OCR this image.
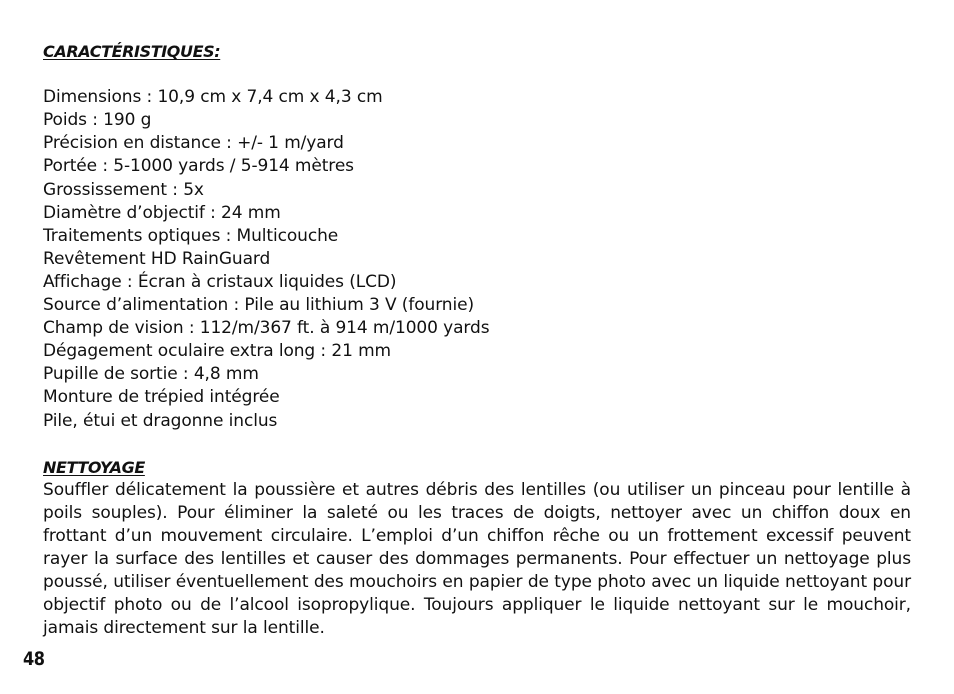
CARACTÉRISTIQUES:
Dimensions : 10,9 cm x 7,4 cm x 4,3 cm
Poids : 190 g
Précision en distance : +/- 1 m/yard
Portée : 5-1000 yards / 5-914 mètres
Grossissement : 5x
Diamètre d’objectif : 24 mm
Traitements optiques : Multicouche
Revêtement HD RainGuard
Affichage : Écran à cristaux liquides (LCD)
Source d’alimentation : Pile au lithium 3 V (fournie)
Champ de vision : 112/m/367 ft. à 914 m/1000 yards
Dégagement oculaire extra long : 21 mm
Pupille de sortie : 4,8 mm
Monture de trépied intégrée
Pile, étui et dragonne inclus
NETTOYAGE

Souffler délicatement la poussière et autres débris des lentilles (ou utiliser un pinceau pour lentille à poils souples). Pour éliminer la saleté ou les traces de doigts, nettoyer avec un chiffon doux en frottant d’un mouvement circulaire. L’emploi d’un chiffon rêche ou un frottement excessif peuvent rayer la surface des lentilles et causer des dommages permanents. Pour effectuer un nettoyage plus poussé, utiliser éventuellement des mouchoirs en papier de type photo avec un liquide nettoyant pour objectif photo ou de l’alcool isopropylique. Toujours appliquer le liquide nettoyant sur le mouchoir, jamais directement sur la lentille.

48
